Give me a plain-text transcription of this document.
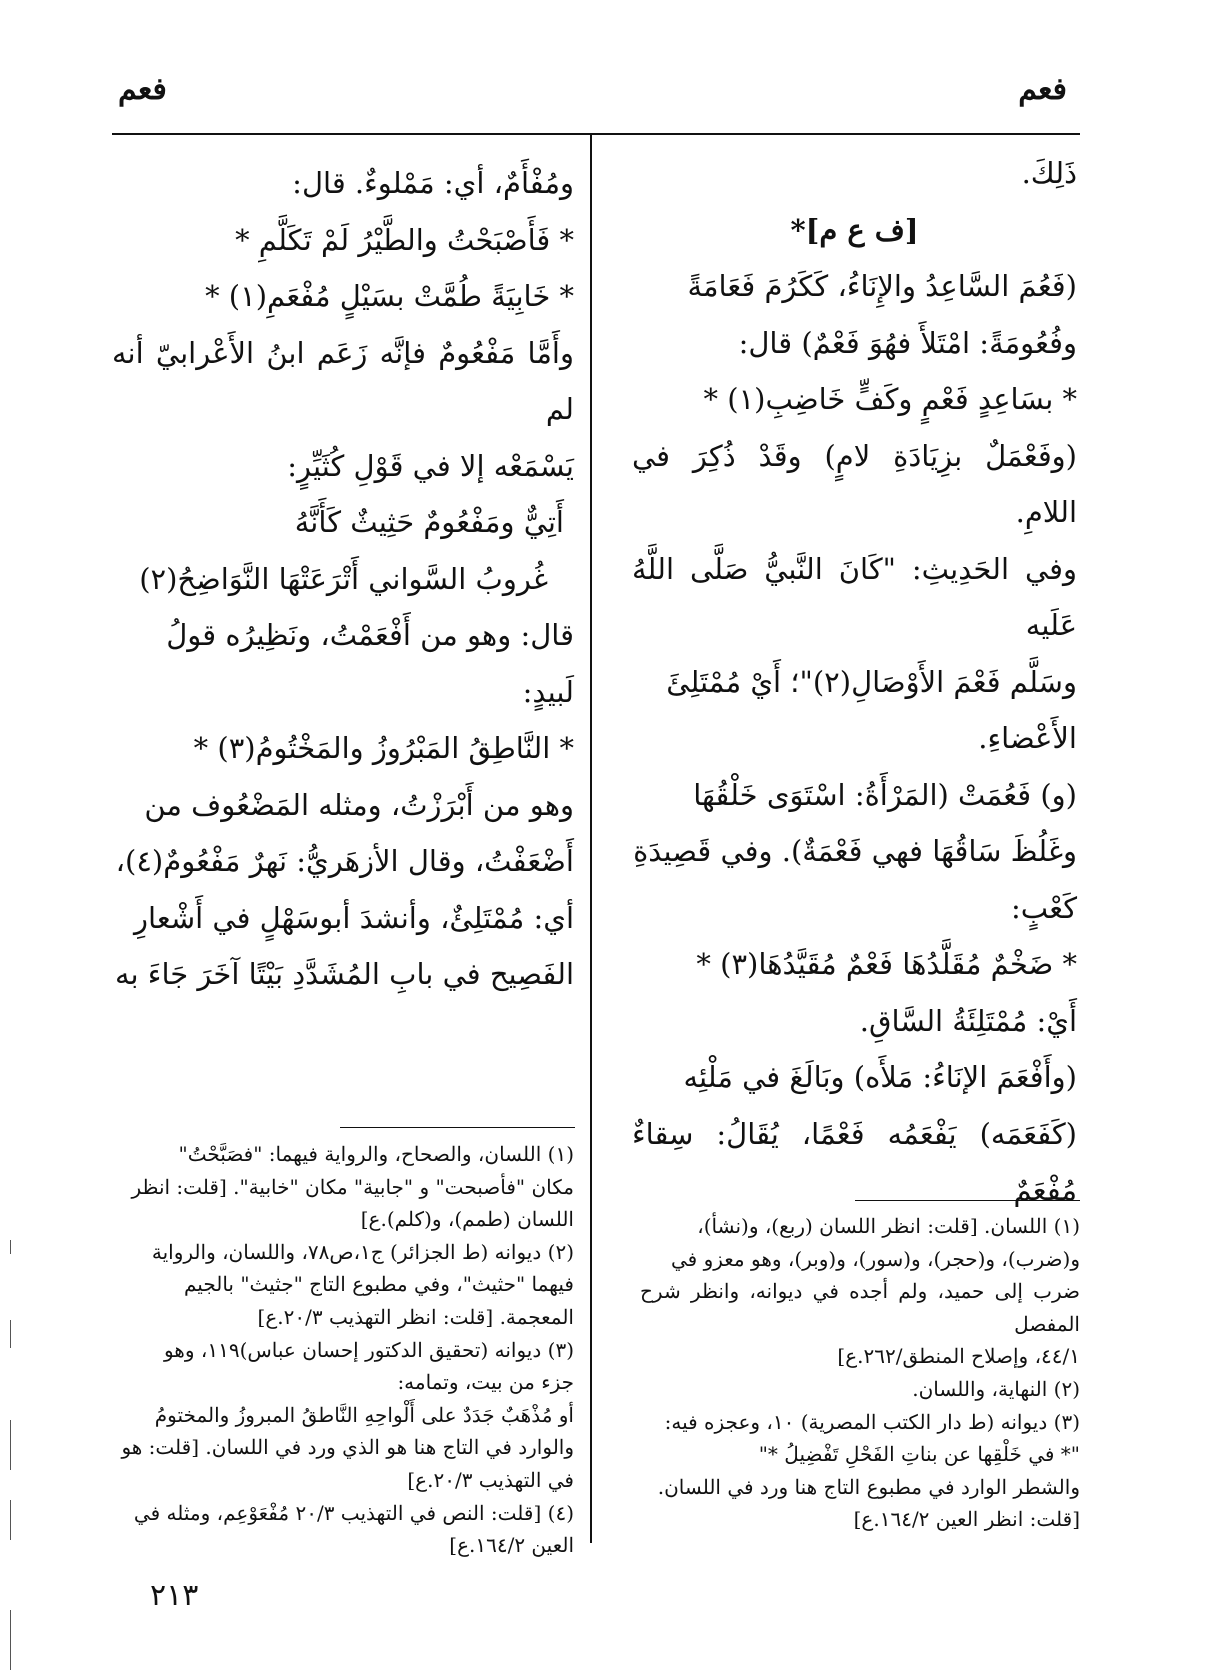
فعم	فعم

ذَلِكَ.

[ف ع م]*

(فَعُمَ السَّاعِدُ والإِنَاءُ، كَكَرُمَ فَعَامَةً

وفُعُومَةً: امْتَلأَ فهُوَ فَعْمٌ) قال:

* بسَاعِدٍ فَعْمٍ وكَفٍّ خَاضِبِ(١) *

(وفَعْمَلٌ بزِيَادَةِ لامٍ) وقَدْ ذُكِرَ في اللامِ.

وفي الحَدِيثِ: "كَانَ النَّبيُّ صَلَّى اللَّهُ عَلَيه

وسَلَّم فَعْمَ الأَوْصَالِ(٢)"؛ أَيْ مُمْتَلِئَ

الأَعْضاءِ.

(و) فَعُمَتْ (المَرْأَةُ: اسْتَوَى خَلْقُهَا

وغَلُظَ سَاقُهَا فهي فَعْمَةٌ). وفي قَصِيدَةِ

كَعْبٍ:

* ضَخْمٌ مُقَلَّدُهَا فَعْمٌ مُقَيَّدُهَا(٣) *

أَيْ: مُمْتَلِئَةُ السَّاقِ.

(وأَفْعَمَ الإنَاءُ: مَلأَه) وبَالَغَ في مَلْئِه

(كَفَعَمَه) يَفْعَمُه فَعْمًا، يُقَالُ: سِقاءٌ مُفْعَمٌ

ومُفْأَمٌ، أي: مَمْلوءٌ. قال:

* فَأَصْبَحْتُ والطَّيْرُ لَمْ تَكَلَّمِ *

* خَابِيَةً طُمَّتْ بسَيْلٍ مُفْعَمِ(١) *

وأَمَّا مَفْعُومٌ فإنَّه زَعَم ابنُ الأَعْرابيّ أنه لم

يَسْمَعْه إلا في قَوْلِ كُثَيِّرٍ:

أَتِيٌّ ومَفْعُومٌ حَثِيثٌ كَأَنَّهُ

غُروبُ السَّواني أَتْرَعَتْهَا النَّوَاضِحُ(٢)

قال: وهو من أَفْعَمْتُ، ونَظِيرُه قولُ

لَبيدٍ:

* النَّاطِقُ المَبْرُوزُ والمَخْتُومُ(٣) *

وهو من أَبْرَزْتُ، ومثله المَضْعُوف من

أَضْعَفْتُ، وقال الأزهَريُّ: نَهرٌ مَفْعُومٌ(٤)،

أي: مُمْتَلِئٌ، وأنشدَ أبوسَهْلٍ في أَشْعارِ

الفَصِيح في بابِ المُشَدَّدِ بَيْتًا آخَرَ جَاءَ به

(١) اللسان، والصحاح، والرواية فيهما: "فصَبَّحْتُ"

مكان "فأصبحت" و "جابية" مكان "خابية". [قلت: انظر

اللسان (طمم)، و(كلم).ع]

(٢) ديوانه (ط الجزائر) ج١،ص٧٨، واللسان، والرواية

فيهما "حثيث"، وفي مطبوع التاج "جثيث" بالجيم

المعجمة. [قلت: انظر التهذيب ٢٠/٣.ع]

(٣) ديوانه (تحقيق الدكتور إحسان عباس)١١٩، وهو

جزء من بيت، وتمامه:

أو مُذْهَبٌ جَدَدٌ على أَلْواحِهِ النَّاطقُ المبروزُ والمختومُ

والوارد في التاج هنا هو الذي ورد في اللسان. [قلت: هو

في التهذيب ٢٠/٣.ع]

(٤) [قلت: النص في التهذيب ٢٠/٣ مُفْعَوْعِم، ومثله في

العين ١٦٤/٢.ع]

(١) اللسان. [قلت: انظر اللسان (ربع)، و(نشأ)،

و(ضرب)، و(حجر)، و(سور)، و(وبر)، وهو معزو في

ضرب إلى حميد، ولم أجده في ديوانه، وانظر شرح المفصل

٤٤/١، وإصلاح المنطق/٢٦٢.ع]

(٢) النهاية، واللسان.

(٣) ديوانه (ط دار الكتب المصرية) ١٠، وعجزه فيه:

"* في خَلْقِها عن بناتِ الفَحْلِ تَفْضِيلُ *"

والشطر الوارد في مطبوع التاج هنا ورد في اللسان.

[قلت: انظر العين ١٦٤/٢.ع]

٢١٣
